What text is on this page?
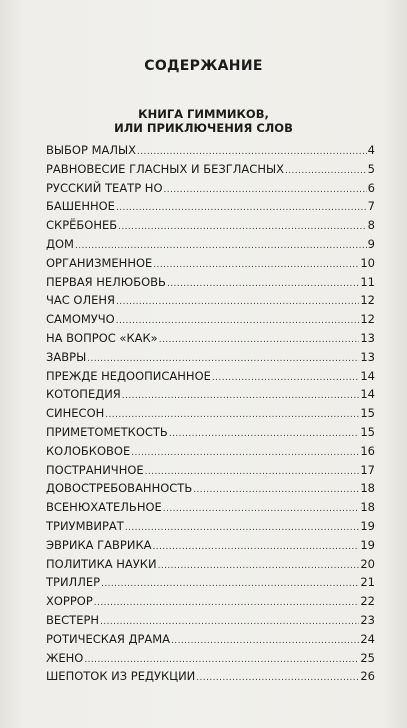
СОДЕРЖАНИЕ
КНИГА ГИММИКОВ,
ИЛИ ПРИКЛЮЧЕНИЯ СЛОВ
ВЫБОР МАЛЫХ .....	4
РАВНОВЕСИЕ ГЛАСНЫХ И БЕЗГЛАСНЫХ .....	5
РУССКИЙ ТЕАТР НО .....	6
БАШЕННОЕ .....	7
СКРЁБОНЕБ .....	8
ДОМ .....	9
ОРГАНИЗМЕННОЕ .....	10
ПЕРВАЯ НЕЛЮБОВЬ .....	11
ЧАС ОЛЕНЯ .....	12
САМОМУЧО .....	12
НА ВОПРОС «КАК» .....	13
ЗАВРЫ .....	13
ПРЕЖДЕ НЕДООПИСАННОЕ .....	14
КОТОПЕДИЯ .....	14
СИНЕСОН .....	15
ПРИМЕТОМЕТКОСТЬ .....	15
КОЛОБКОВОЕ .....	16
ПОСТРАНИЧНОЕ .....	17
ДОВОСТРЕБОВАННОСТЬ .....	18
ВСЕНЮХАТЕЛЬНОЕ .....	18
ТРИУМВИРАТ .....	19
ЭВРИКА ГАВРИКА .....	19
ПОЛИТИКА НАУКИ .....	20
ТРИЛЛЕР .....	21
ХОРРОР .....	22
ВЕСТЕРН .....	23
РОТИЧЕСКАЯ ДРАМА .....	24
ЖЕНО .....	25
ШЕПОТОК ИЗ РЕДУКЦИИ .....	26
